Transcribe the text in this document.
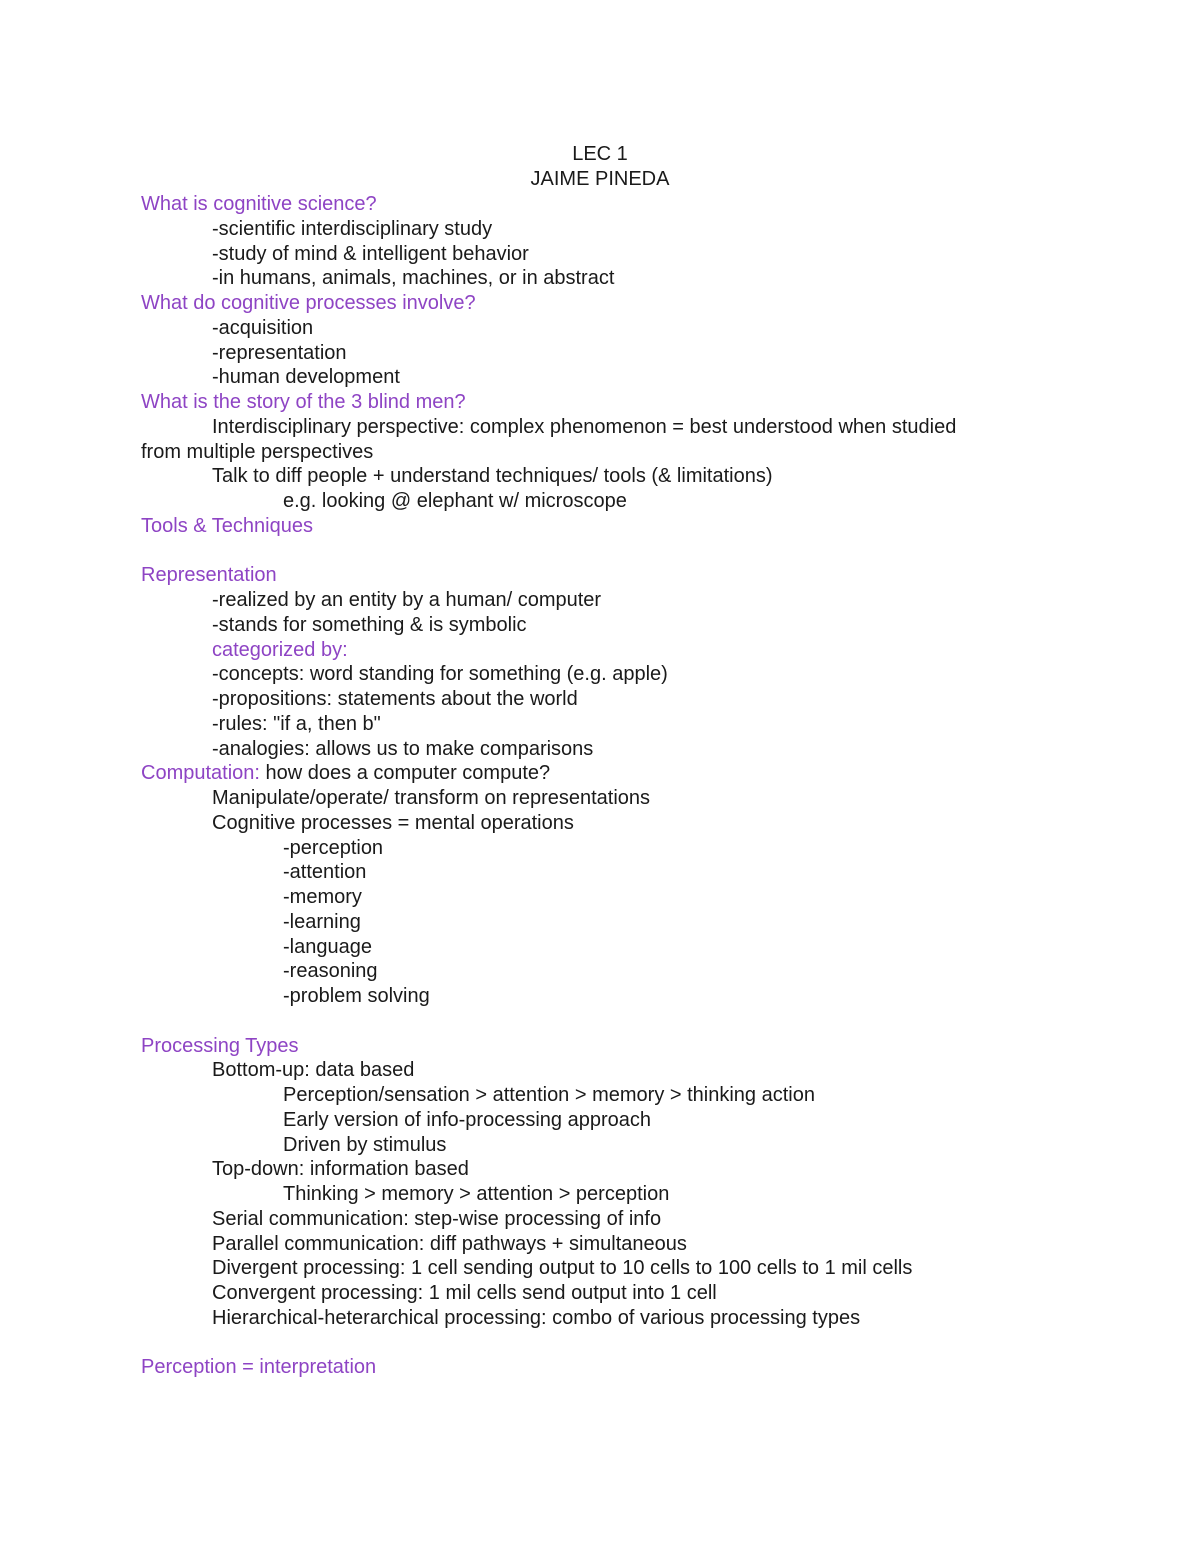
LEC 1
JAIME PINEDA
What is cognitive science?
-scientific interdisciplinary study
-study of mind & intelligent behavior
-in humans, animals, machines, or in abstract
What do cognitive processes involve?
-acquisition
-representation
-human development
What is the story of the 3 blind men?
Interdisciplinary perspective: complex phenomenon = best understood when studied
from multiple perspectives
Talk to diff people + understand techniques/ tools (& limitations)
e.g. looking @ elephant w/ microscope
Tools & Techniques
Representation
-realized by an entity by a human/ computer
-stands for something & is symbolic
categorized by:
-concepts: word standing for something (e.g. apple)
-propositions: statements about the world
-rules: "if a, then b"
-analogies: allows us to make comparisons
Computation: how does a computer compute?
Manipulate/operate/ transform on representations
Cognitive processes = mental operations
-perception
-attention
-memory
-learning
-language
-reasoning
-problem solving
Processing Types
Bottom-up: data based
Perception/sensation > attention > memory > thinking action
Early version of info-processing approach
Driven by stimulus
Top-down: information based
Thinking > memory > attention > perception
Serial communication: step-wise processing of info
Parallel communication: diff pathways + simultaneous
Divergent processing: 1 cell sending output to 10 cells to 100 cells to 1 mil cells
Convergent processing: 1 mil cells send output into 1 cell
Hierarchical-heterarchical processing: combo of various processing types
Perception = interpretation
